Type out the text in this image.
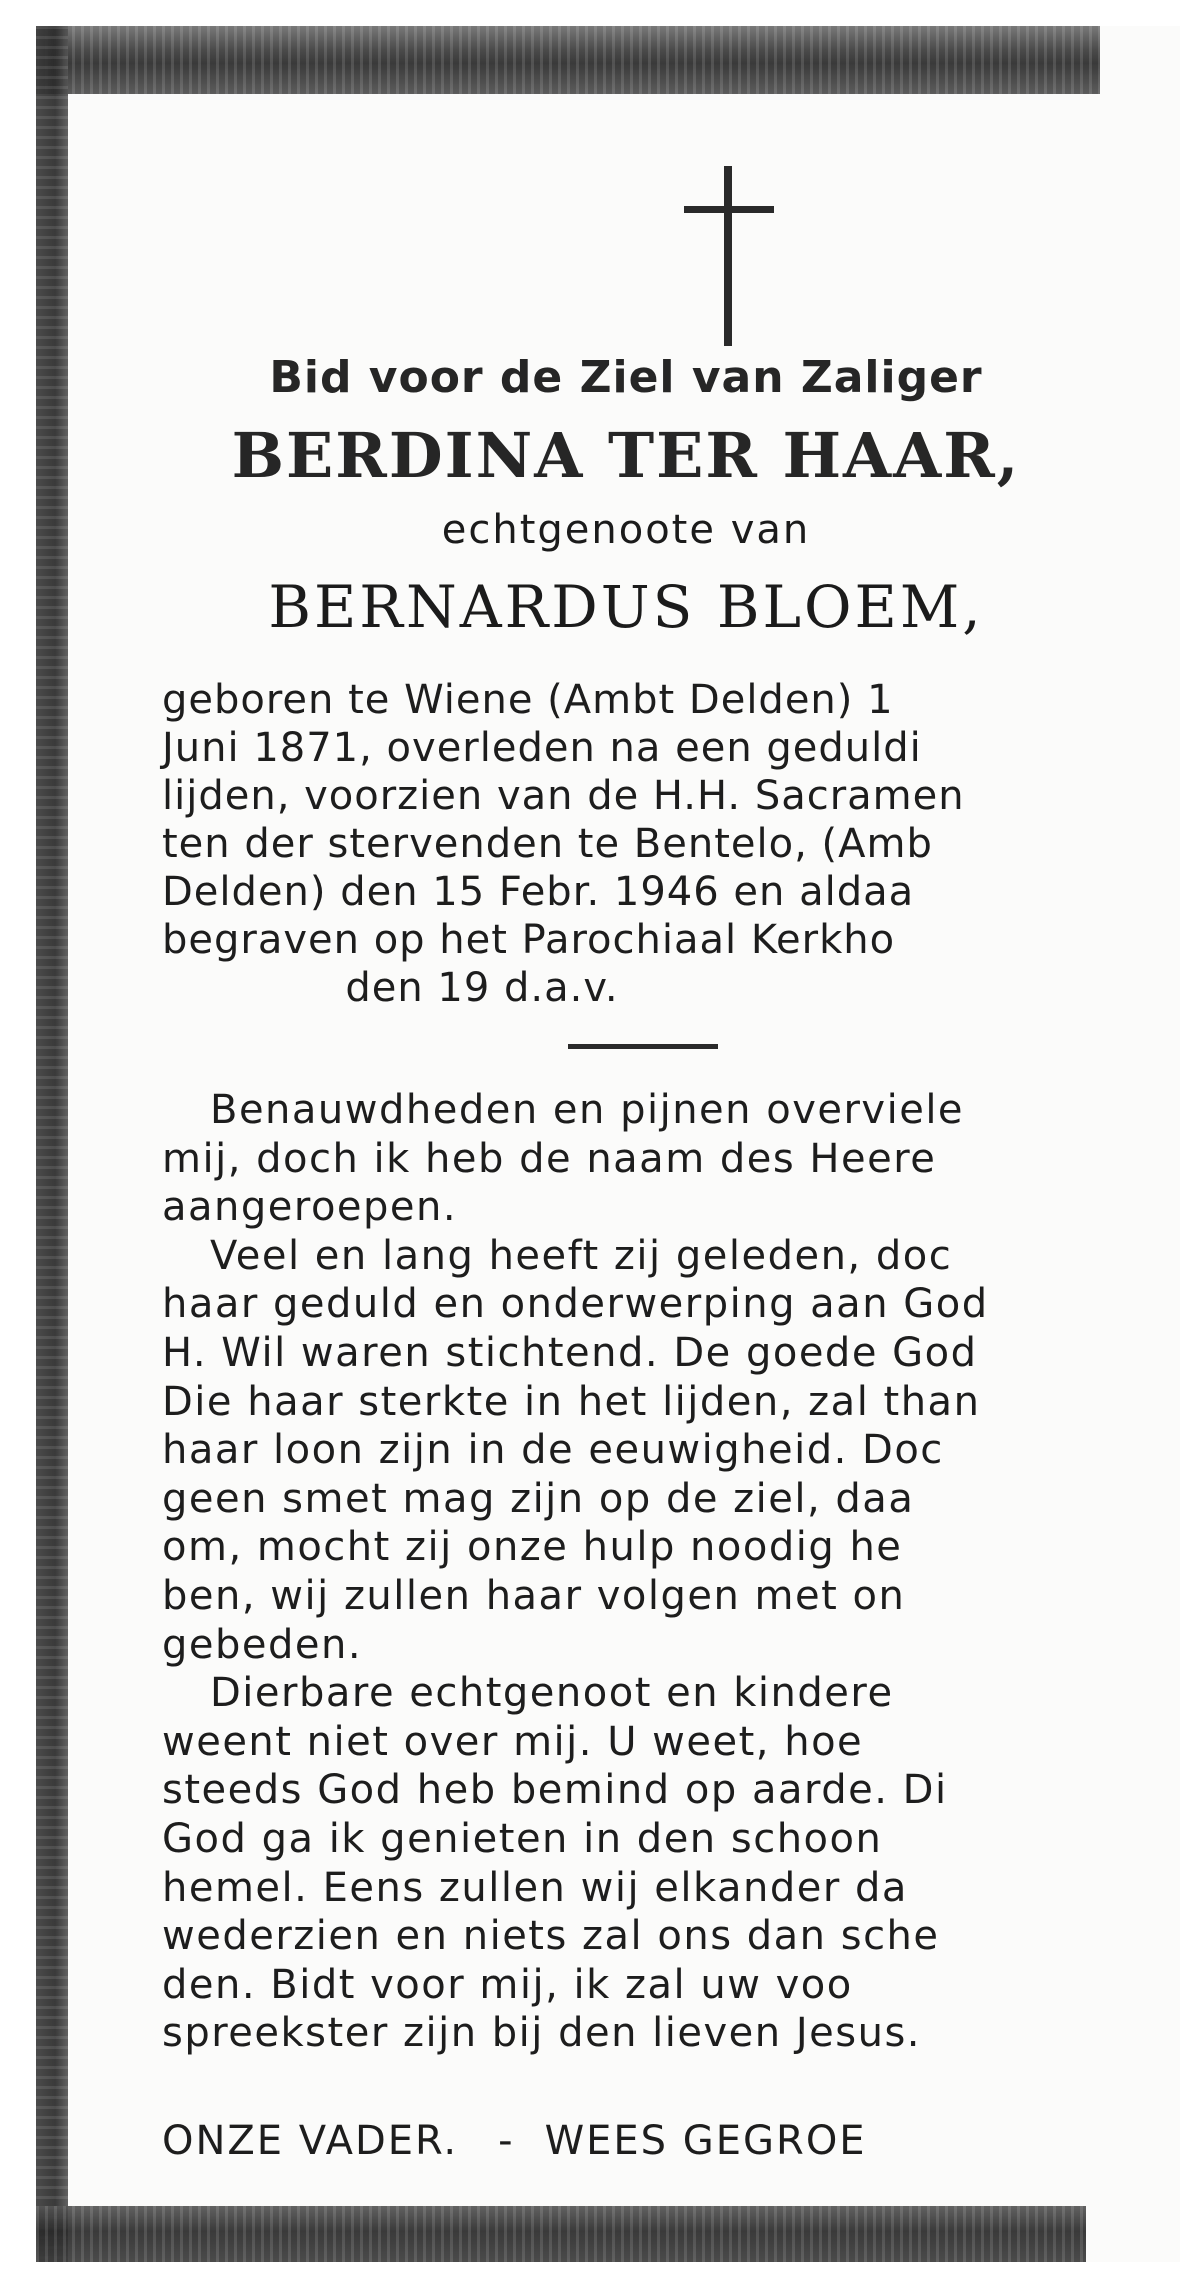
Bid voor de Ziel van Zaliger
BERDINA TER HAAR,
echtgenoote van
BERNARDUS BLOEM,
geboren te Wiene (Ambt Delden) 1
Juni 1871, overleden na een geduldi
lijden, voorzien van de H.H. Sacramen
ten der stervenden te Bentelo, (Amb
Delden) den 15 Febr. 1946 en aldaa
begraven op het Parochiaal Kerkho
den 19 d.a.v.
Benauwdheden en pijnen overviele
mij, doch ik heb de naam des Heere
aangeroepen.
Veel en lang heeft zij geleden, doc
haar geduld en onderwerping aan God
H. Wil waren stichtend. De goede God
Die haar sterkte in het lijden, zal than
haar loon zijn in de eeuwigheid. Doc
geen smet mag zijn op de ziel, daa
om, mocht zij onze hulp noodig he
ben, wij zullen haar volgen met on
gebeden.
Dierbare echtgenoot en kindere
weent niet over mij. U weet, hoe
steeds God heb bemind op aarde. Di
God ga ik genieten in den schoon
hemel. Eens zullen wij elkander da
wederzien en niets zal ons dan sche
den. Bidt voor mij, ik zal uw voo
spreekster zijn bij den lieven Jesus.
ONZE VADER. - WEES GEGROE
